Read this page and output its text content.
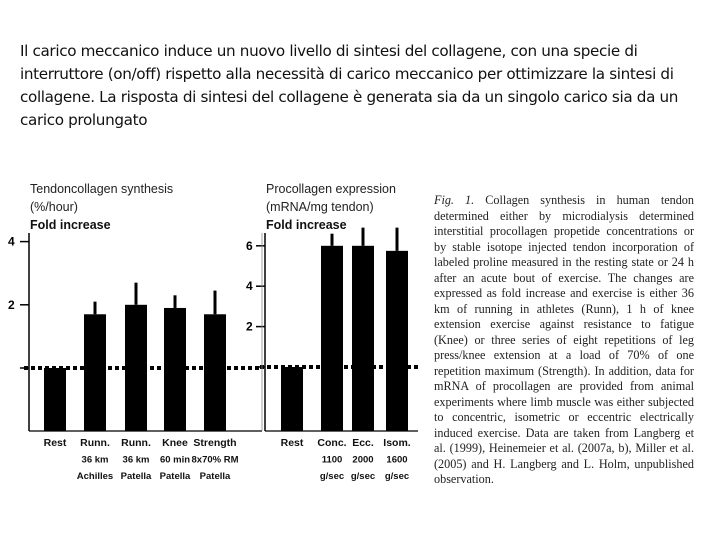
Il carico meccanico induce un nuovo livello di sintesi del collagene, con una specie di interruttore (on/off) rispetto alla necessità di carico meccanico per ottimizzare la sintesi di collagene. La risposta di sintesi del collagene è generata sia da un singolo carico sia da un carico prolungato
Tendoncollagen synthesis
(%/hour)
Fold increase
4
2
Rest Runn.
36 km
Achilles
Runn.
36 km
Patella
Knee
60 min
Patella
Strength
8x70% RM
Patella
Procollagen expression
(mRNA/mg tendon)
Fold increase
6
4
2
Rest Conc.
1100
g/sec
Ecc.
2000
g/sec
Isom.
1600
g/sec
Fig. 1. Collagen synthesis in human tendon determined either by microdialysis determined interstitial procollagen propetide concentrations or by stable isotope injected tendon incorporation of labeled proline measured in the resting state or 24 h after an acute bout of exercise. The changes are expressed as fold increase and exercise is either 36 km of running in athletes (Runn), 1 h of knee extension exercise against resistance to fatigue (Knee) or three series of eight repetitions of leg press/knee extension at a load of 70% of one repetition maximum (Strength). In addition, data for mRNA of procollagen are provided from animal experiments where limb muscle was either subjected to concentric, isometric or eccentric electrically induced exercise. Data are taken from Langberg et al. (1999), Heinemeier et al. (2007a, b), Miller et al. (2005) and H. Langberg and L. Holm, unpublished observation.
